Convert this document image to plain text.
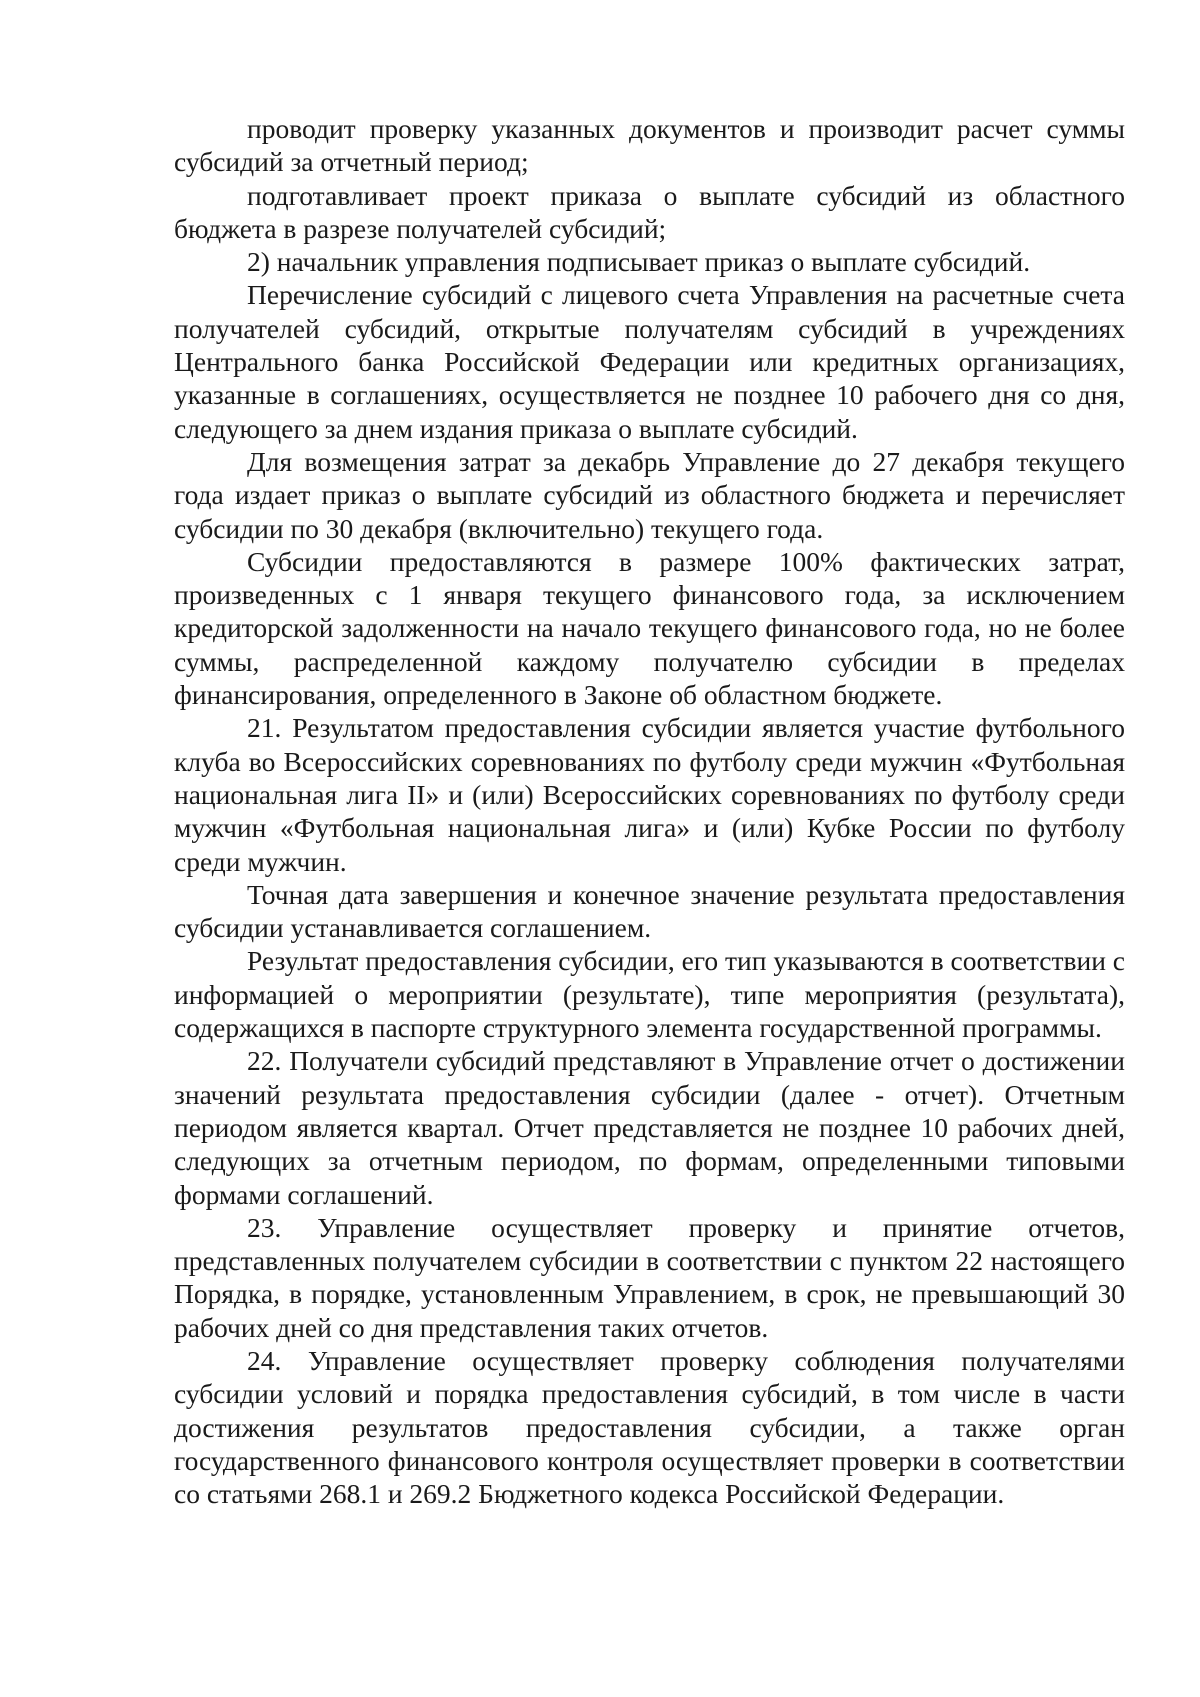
проводит проверку указанных документов и производит расчет суммы субсидий за отчетный период;

подготавливает проект приказа о выплате субсидий из областного бюджета в разрезе получателей субсидий;

2) начальник управления подписывает приказ о выплате субсидий.

Перечисление субсидий с лицевого счета Управления на расчетные счета получателей субсидий, открытые получателям субсидий в учреждениях Центрального банка Российской Федерации или кредитных организациях, указанные в соглашениях, осуществляется не позднее 10 рабочего дня со дня, следующего за днем издания приказа о выплате субсидий.

Для возмещения затрат за декабрь Управление до 27 декабря текущего года издает приказ о выплате субсидий из областного бюджета и перечисляет субсидии по 30 декабря (включительно) текущего года.

Субсидии предоставляются в размере 100% фактических затрат, произведенных с 1 января текущего финансового года, за исключением кредиторской задолженности на начало текущего финансового года, но не более суммы, распределенной каждому получателю субсидии в пределах финансирования, определенного в Законе об областном бюджете.

21. Результатом предоставления субсидии является участие футбольного клуба во Всероссийских соревнованиях по футболу среди мужчин «Футбольная национальная лига II» и (или) Всероссийских соревнованиях по футболу среди мужчин «Футбольная национальная лига» и (или) Кубке России по футболу среди мужчин.

Точная дата завершения и конечное значение результата предоставления субсидии устанавливается соглашением.

Результат предоставления субсидии, его тип указываются в соответствии с информацией о мероприятии (результате), типе мероприятия (результата), содержащихся в паспорте структурного элемента государственной программы.

22. Получатели субсидий представляют в Управление отчет о достижении значений результата предоставления субсидии (далее - отчет). Отчетным периодом является квартал. Отчет представляется не позднее 10 рабочих дней, следующих за отчетным периодом, по формам, определенными типовыми формами соглашений.

23. Управление осуществляет проверку и принятие отчетов, представленных получателем субсидии в соответствии с пунктом 22 настоящего Порядка, в порядке, установленным Управлением, в срок, не превышающий 30 рабочих дней со дня представления таких отчетов.

24. Управление осуществляет проверку соблюдения получателями субсидии условий и порядка предоставления субсидий, в том числе в части достижения результатов предоставления субсидии, а также орган государственного финансового контроля осуществляет проверки в соответствии со статьями 268.1 и 269.2 Бюджетного кодекса Российской Федерации.
